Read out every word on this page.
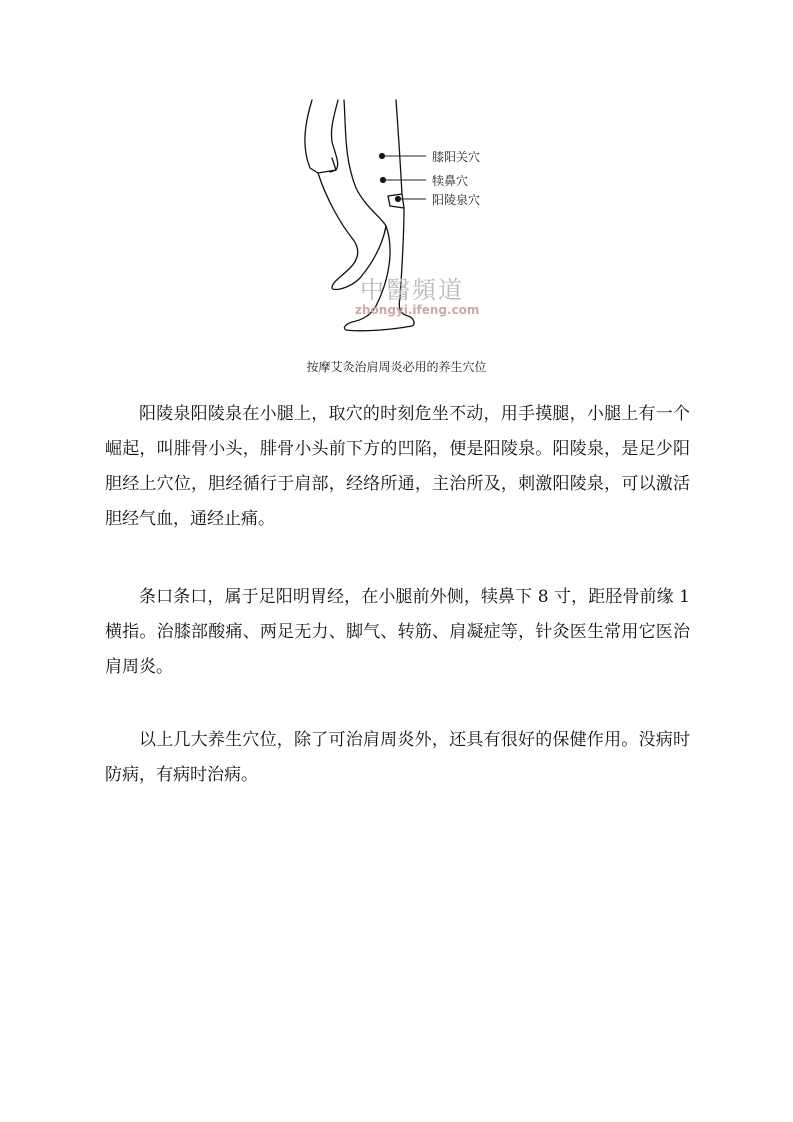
膝阳关穴
犊鼻穴
阳陵泉穴
中醫頻道
zhongyi.ifeng.com
按摩艾灸治肩周炎必用的养生穴位

阳陵泉阳陵泉在小腿上，取穴的时刻危坐不动，用手摸腿，小腿上有一个崛起，叫腓骨小头，腓骨小头前下方的凹陷，便是阳陵泉。阳陵泉，是足少阳胆经上穴位，胆经循行于肩部，经络所通，主治所及，刺激阳陵泉，可以激活胆经气血，通经止痛。

条口条口，属于足阳明胃经，在小腿前外侧，犊鼻下 8 寸，距胫骨前缘 1 横指。治膝部酸痛、两足无力、脚气、转筋、肩凝症等，针灸医生常用它医治肩周炎。

以上几大养生穴位，除了可治肩周炎外，还具有很好的保健作用。没病时防病，有病时治病。
